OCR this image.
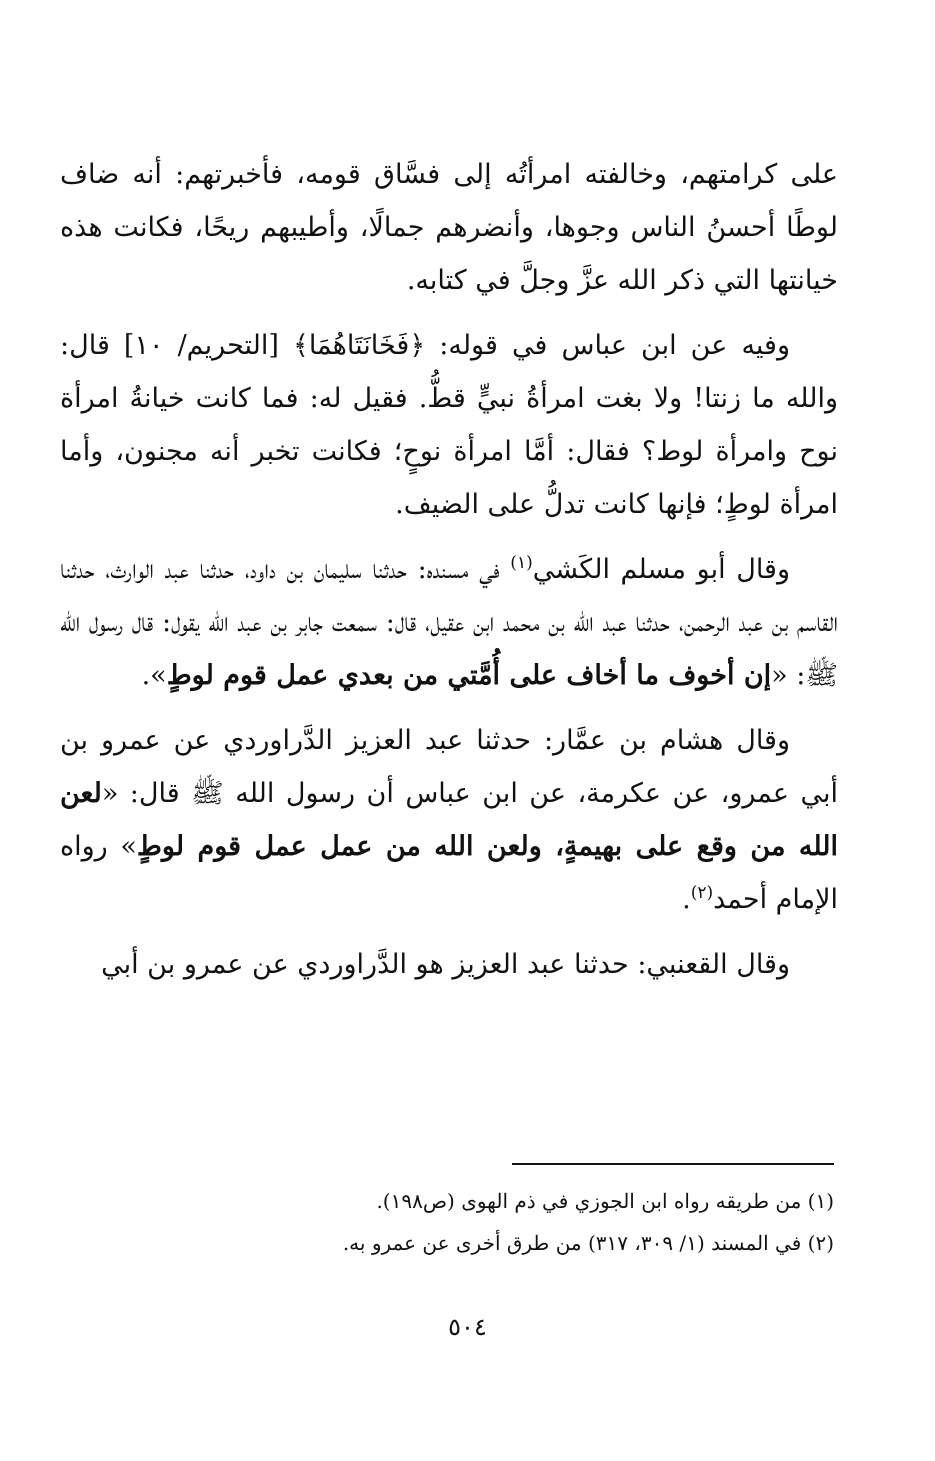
على كرامتهم، وخالفته امرأتُه إلى فسَّاق قومه، فأخبرتهم: أنه ضاف لوطًا أحسنُ الناس وجوها، وأنضرهم جمالًا، وأطيبهم ريحًا، فكانت هذه خيانتها التي ذكر الله عزَّ وجلَّ في كتابه.

وفيه عن ابن عباس في قوله: ﴿فَخَانَتَاهُمَا﴾ [التحريم/ ١٠] قال: والله ما زنتا! ولا بغت امرأةُ نبيٍّ قطُّ. فقيل له: فما كانت خيانةُ امرأة نوح وامرأة لوط؟ فقال: أمَّا امرأة نوحٍ؛ فكانت تخبر أنه مجنون، وأما امرأة لوطٍ؛ فإنها كانت تدلُّ على الضيف.

وقال أبو مسلم الكَشي$^{(١)}$ في مسنده: حدثنا سليمان بن داود، حدثنا عبد الوارث، حدثنا القاسم بن عبد الرحمن، حدثنا عبد الله بن محمد ابن عقيل، قال: سمعت جابر بن عبد الله يقول: قال رسول الله ﷺ: «إن أخوف ما أخاف على أُمَّتي من بعدي عمل قوم لوطٍ».

وقال هشام بن عمَّار: حدثنا عبد العزيز الدَّراوردي عن عمرو بن أبي عمرو، عن عكرمة، عن ابن عباس أن رسول الله ﷺ قال: «لعن الله من وقع على بهيمةٍ، ولعن الله من عمل عمل قوم لوطٍ» رواه الإمام أحمد$^{(٢)}$.

وقال القعنبي: حدثنا عبد العزيز هو الدَّراوردي عن عمرو بن أبي

(١) من طريقه رواه ابن الجوزي في ذم الهوى (ص١٩٨).

(٢) في المسند (١/ ٣٠٩، ٣١٧) من طرق أخرى عن عمرو به.

٥٠٤
